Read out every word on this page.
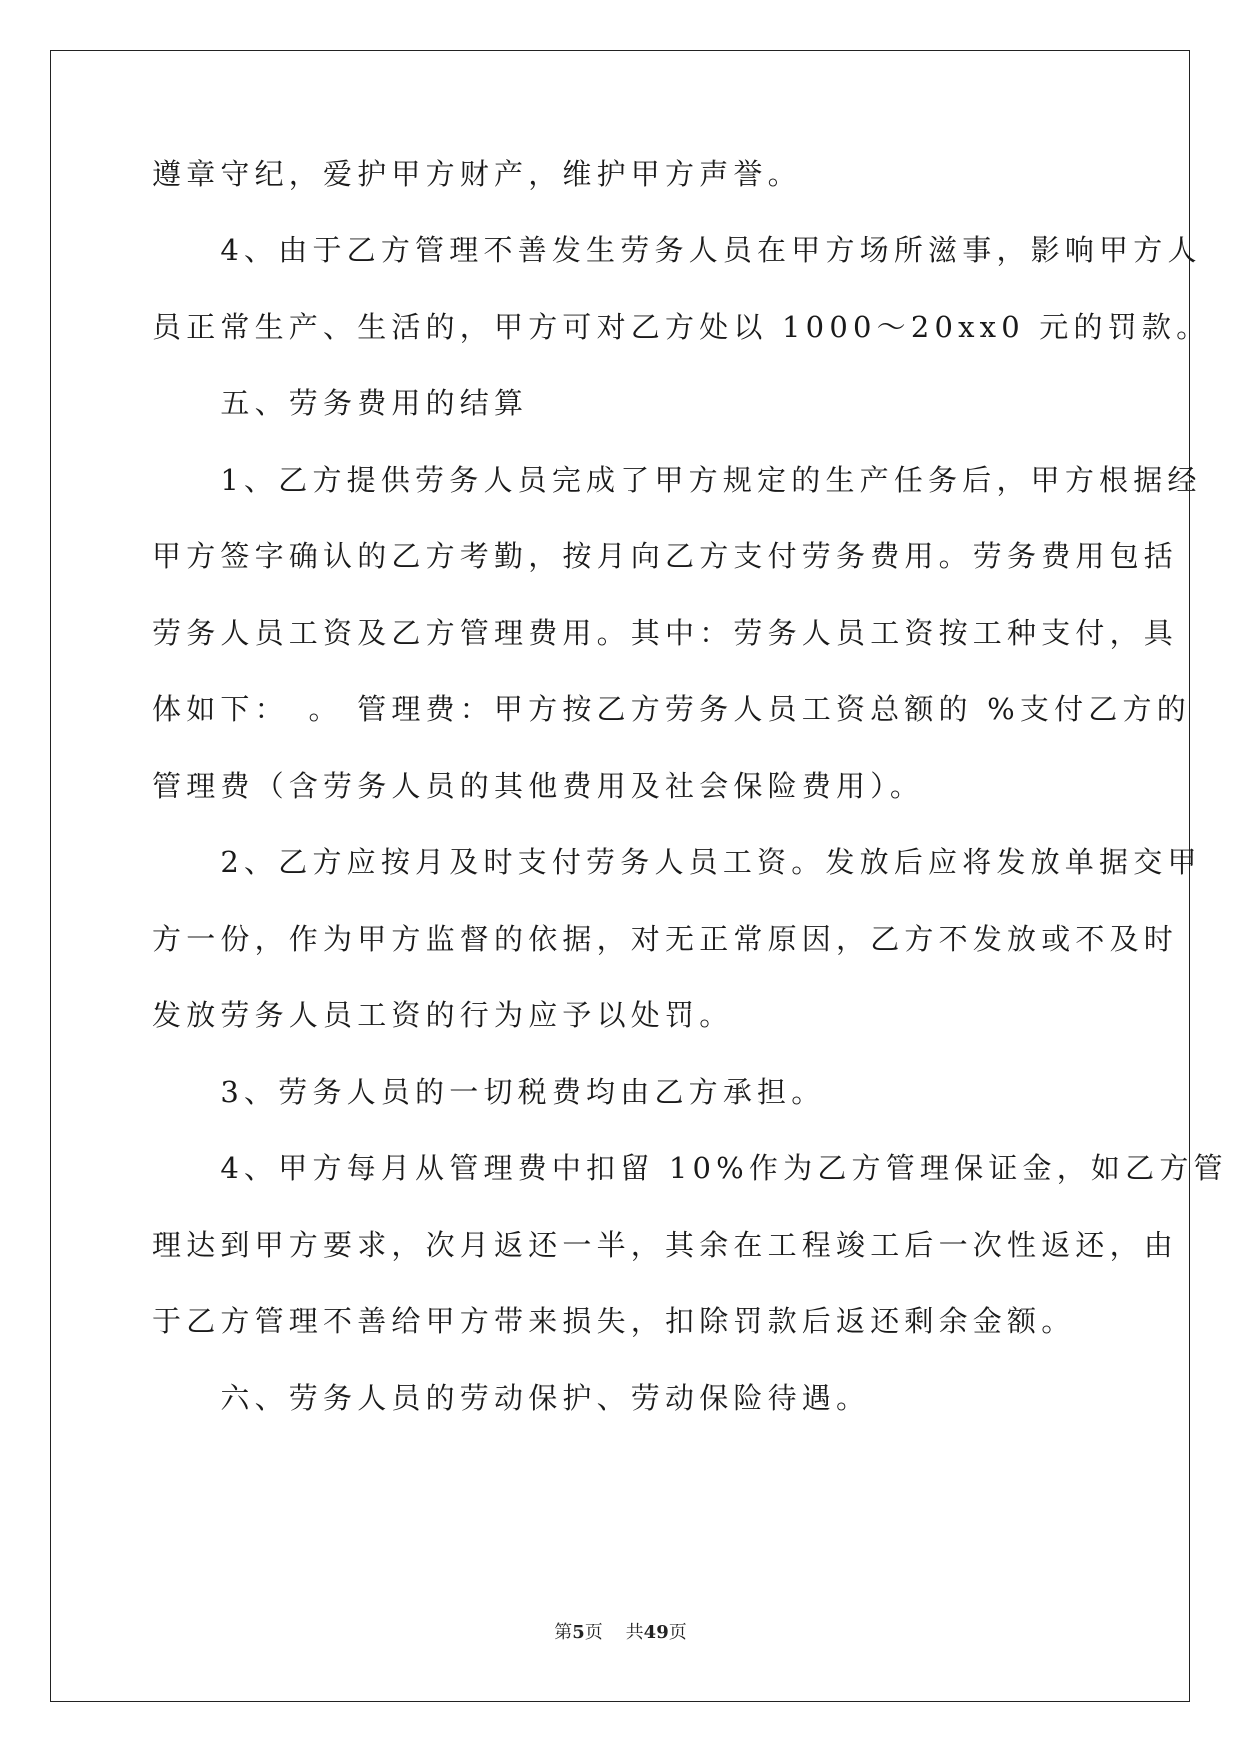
遵章守纪，爱护甲方财产，维护甲方声誉。
　　4、由于乙方管理不善发生劳务人员在甲方场所滋事，影响甲方人
员正常生产、生活的，甲方可对乙方处以 1000～20xx0 元的罚款。
　　五、劳务费用的结算
　　1、乙方提供劳务人员完成了甲方规定的生产任务后，甲方根据经
甲方签字确认的乙方考勤，按月向乙方支付劳务费用。劳务费用包括
劳务人员工资及乙方管理费用。其中：劳务人员工资按工种支付，具
体如下：　。 管理费：甲方按乙方劳务人员工资总额的 %支付乙方的
管理费（含劳务人员的其他费用及社会保险费用）。
　　2、乙方应按月及时支付劳务人员工资。发放后应将发放单据交甲
方一份，作为甲方监督的依据，对无正常原因，乙方不发放或不及时
发放劳务人员工资的行为应予以处罚。
　　3、劳务人员的一切税费均由乙方承担。
　　4、甲方每月从管理费中扣留 10%作为乙方管理保证金，如乙方管
理达到甲方要求，次月返还一半，其余在工程竣工后一次性返还，由
于乙方管理不善给甲方带来损失，扣除罚款后返还剩余金额。
　　六、劳务人员的劳动保护、劳动保险待遇。
第5页 共49页
